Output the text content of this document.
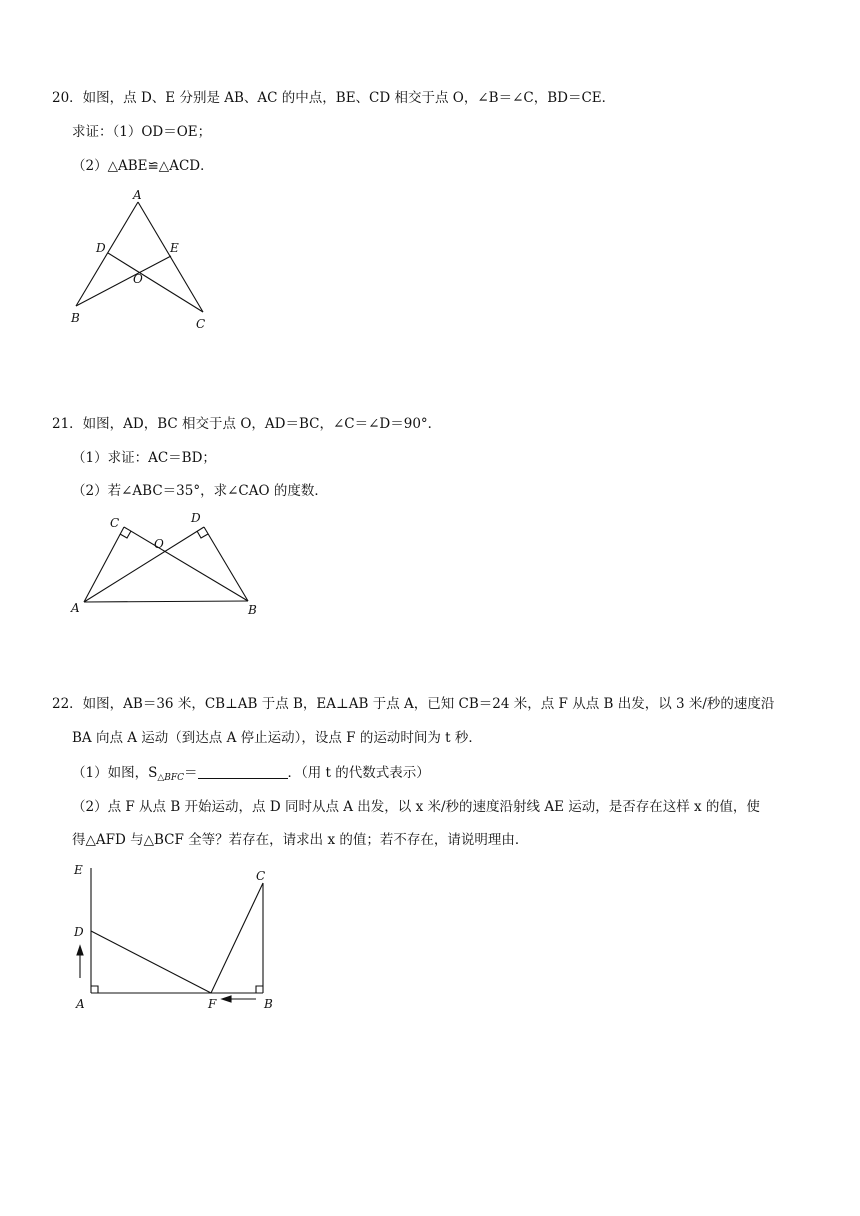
20．如图，点 D、E 分别是 AB、AC 的中点，BE、CD 相交于点 O，∠B＝∠C，BD＝CE．
求证：（1）OD＝OE；
（2）△ABE≌△ACD．
A
D	E
O
B	C
21．如图，AD，BC 相交于点 O，AD＝BC，∠C＝∠D＝90°．
（1）求证：AC＝BD；
（2）若∠ABC＝35°，求∠CAO 的度数．
C	D
O
A	B
22．如图，AB＝36 米，CB⊥AB 于点 B，EA⊥AB 于点 A，已知 CB＝24 米，点 F 从点 B 出发，以 3 米/秒的速度沿
BA 向点 A 运动（到达点 A 停止运动），设点 F 的运动时间为 t 秒．
（1）如图，$S_{\triangle BFC}=$	．（用 t 的代数式表示）
（2）点 F 从点 B 开始运动，点 D 同时从点 A 出发，以 x 米/秒的速度沿射线 AE 运动，是否存在这样 x 的值，使
得△AFD 与△BCF 全等？若存在，请求出 x 的值；若不存在，请说明理由．
E	C
D
A	F	B
